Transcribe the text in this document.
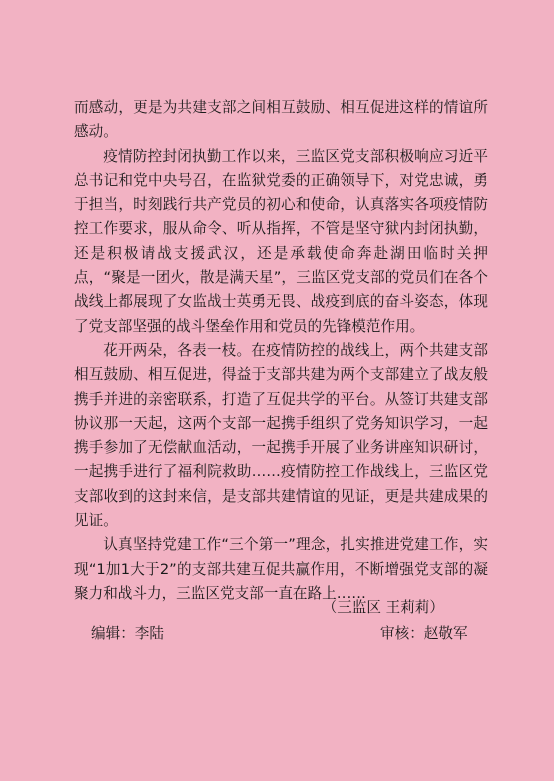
而感动，更是为共建支部之间相互鼓励、相互促进这样的情谊所感动。

疫情防控封闭执勤工作以来，三监区党支部积极响应习近平总书记和党中央号召，在监狱党委的正确领导下，对党忠诚，勇于担当，时刻践行共产党员的初心和使命，认真落实各项疫情防控工作要求，服从命令、听从指挥，不管是坚守狱内封闭执勤，还是积极请战支援武汉，还是承载使命奔赴湖田临时关押点，“聚是一团火，散是满天星”，三监区党支部的党员们在各个战线上都展现了女监战士英勇无畏、战疫到底的奋斗姿态，体现了党支部坚强的战斗堡垒作用和党员的先锋模范作用。

花开两朵，各表一枝。在疫情防控的战线上，两个共建支部相互鼓励、相互促进，得益于支部共建为两个支部建立了战友般携手并进的亲密联系，打造了互促共学的平台。从签订共建支部协议那一天起，这两个支部一起携手组织了党务知识学习，一起携手参加了无偿献血活动，一起携手开展了业务讲座知识研讨，一起携手进行了福利院救助……疫情防控工作战线上，三监区党支部收到的这封来信，是支部共建情谊的见证，更是共建成果的见证。

认真坚持党建工作“三个第一”理念，扎实推进党建工作，实现“1加1大于2”的支部共建互促共赢作用，不断增强党支部的凝聚力和战斗力，三监区党支部一直在路上……

（三监区 王莉莉）
编辑：李陆	审核：赵敬军
